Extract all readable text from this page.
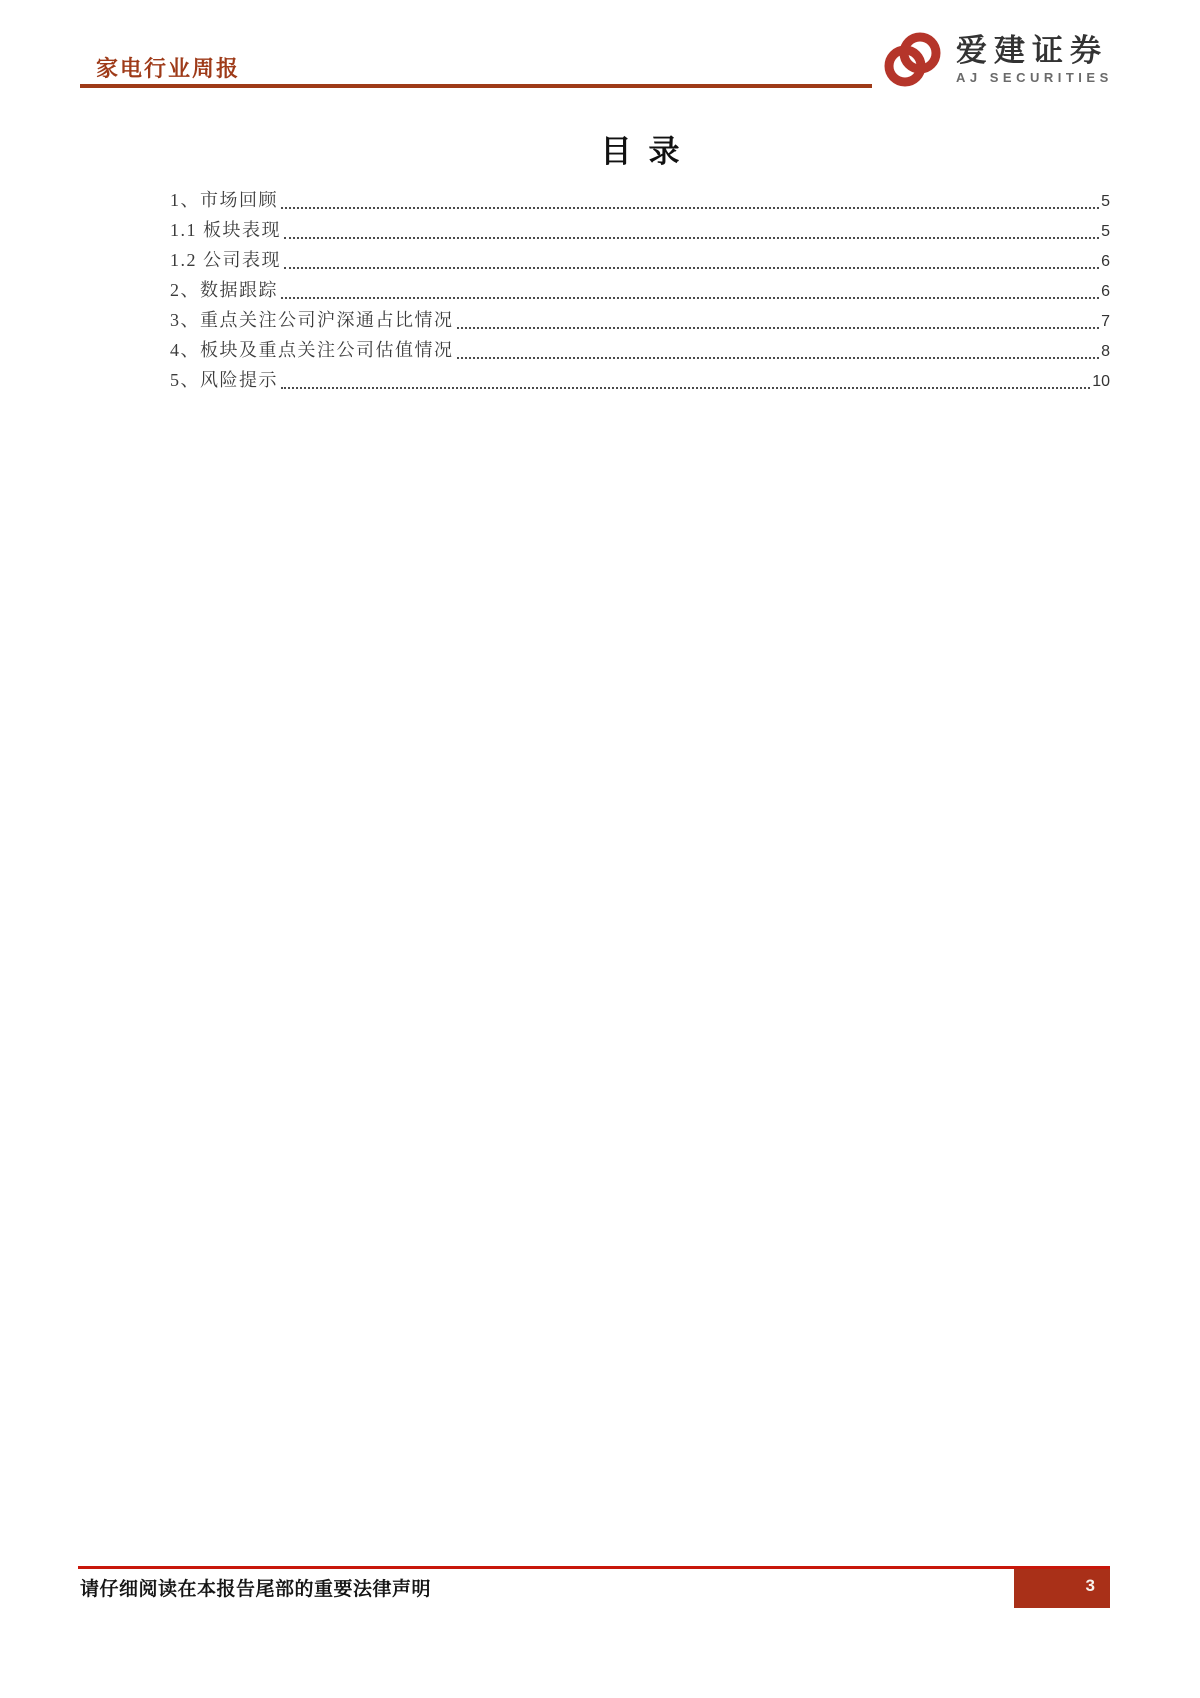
家电行业周报
爱建证券
AJ SECURITIES
目录
1、市场回顾	5
1.1 板块表现	5
1.2 公司表现	6
2、数据跟踪	6
3、重点关注公司沪深通占比情况	7
4、板块及重点关注公司估值情况	8
5、风险提示	10
3
请仔细阅读在本报告尾部的重要法律声明
